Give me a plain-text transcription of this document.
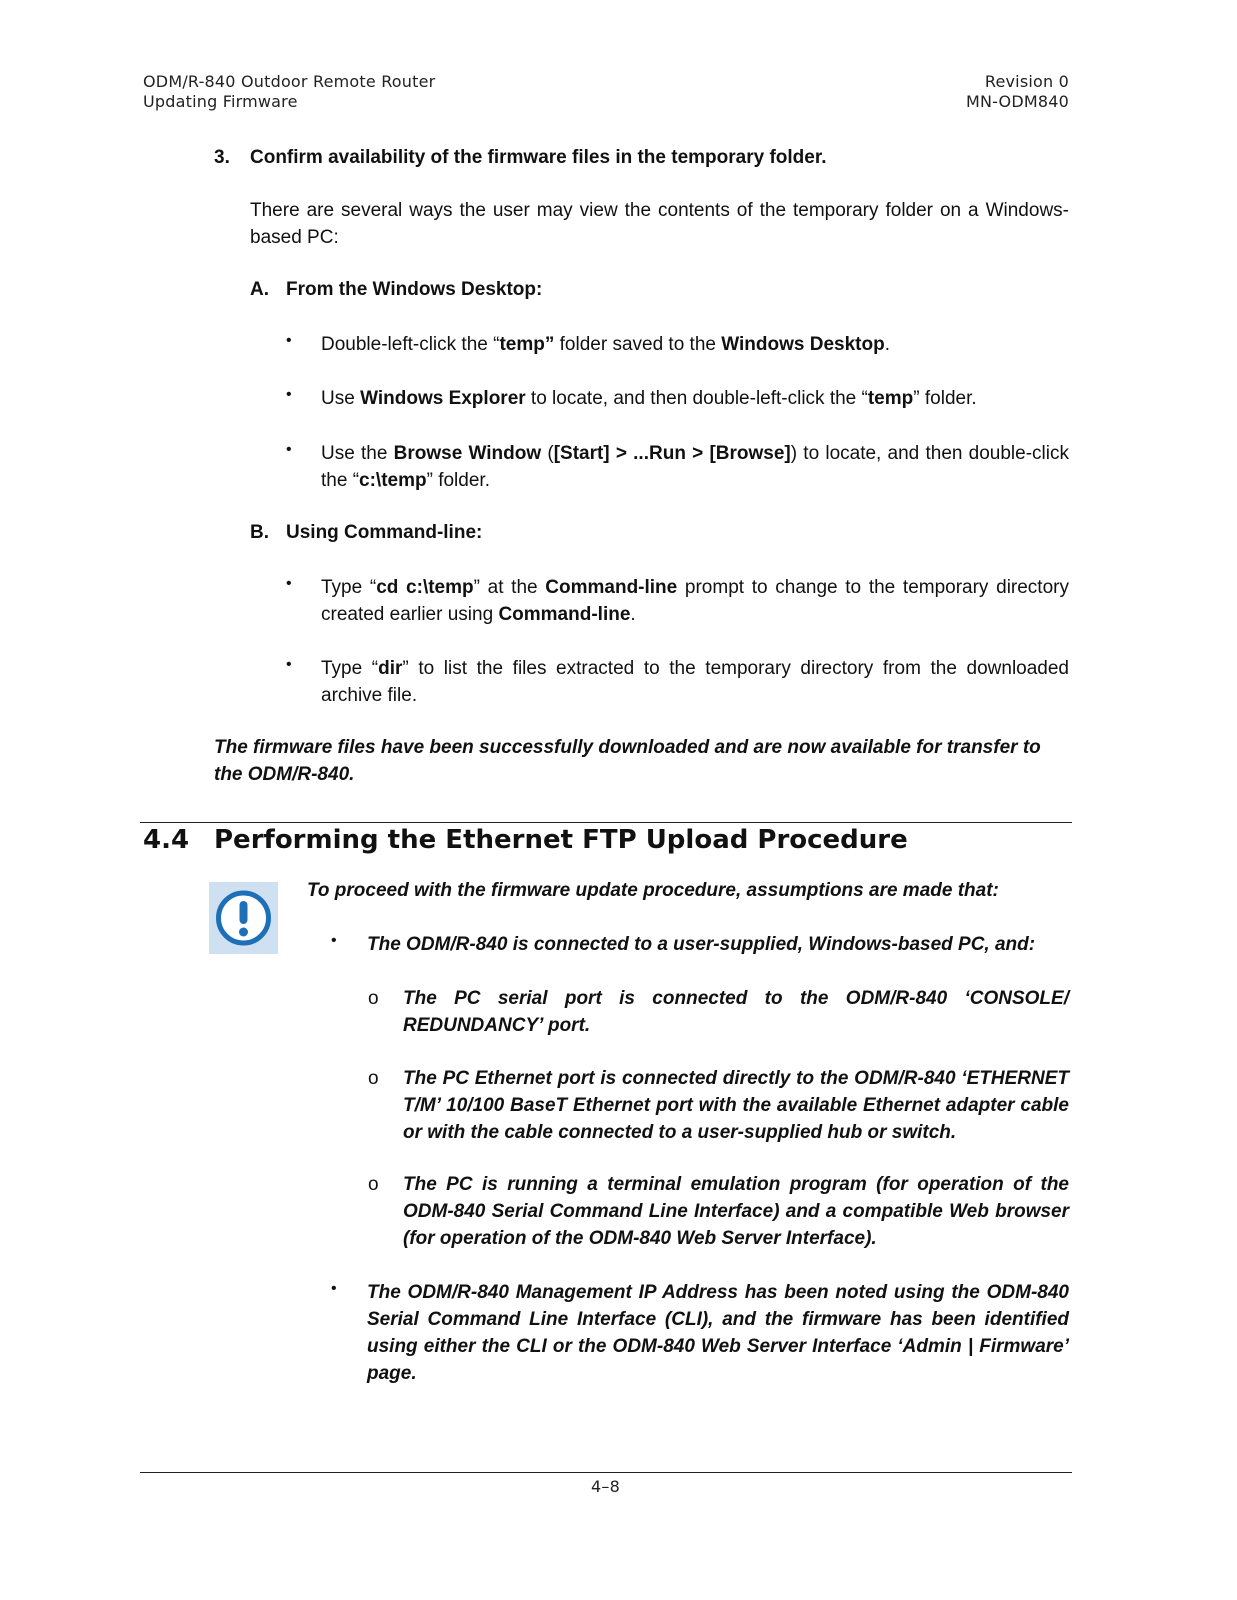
ODM/R-840 Outdoor Remote Router
Updating Firmware
Revision 0
MN-ODM840
3. Confirm availability of the firmware files in the temporary folder.
There are several ways the user may view the contents of the temporary folder on a Windows-based PC:
A. From the Windows Desktop:
• Double-left-click the “temp” folder saved to the Windows Desktop.
• Use Windows Explorer to locate, and then double-left-click the “temp” folder.
• Use the Browse Window ([Start] > ...Run > [Browse]) to locate, and then double-click the “c:\temp” folder.
B. Using Command-line:
• Type “cd c:\temp” at the Command-line prompt to change to the temporary directory created earlier using Command-line.
• Type “dir” to list the files extracted to the temporary directory from the downloaded archive file.
The firmware files have been successfully downloaded and are now available for transfer to the ODM/R-840.
4.4 Performing the Ethernet FTP Upload Procedure
To proceed with the firmware update procedure, assumptions are made that:
• The ODM/R-840 is connected to a user-supplied, Windows-based PC, and:
o The PC serial port is connected to the ODM/R-840 ‘CONSOLE/ REDUNDANCY’ port.
o The PC Ethernet port is connected directly to the ODM/R-840 ‘ETHERNET T/M’ 10/100 BaseT Ethernet port with the available Ethernet adapter cable or with the cable connected to a user-supplied hub or switch.
o The PC is running a terminal emulation program (for operation of the ODM-840 Serial Command Line Interface) and a compatible Web browser (for operation of the ODM-840 Web Server Interface).
• The ODM/R-840 Management IP Address has been noted using the ODM-840 Serial Command Line Interface (CLI), and the firmware has been identified using either the CLI or the ODM-840 Web Server Interface ‘Admin | Firmware’ page.
4–8
